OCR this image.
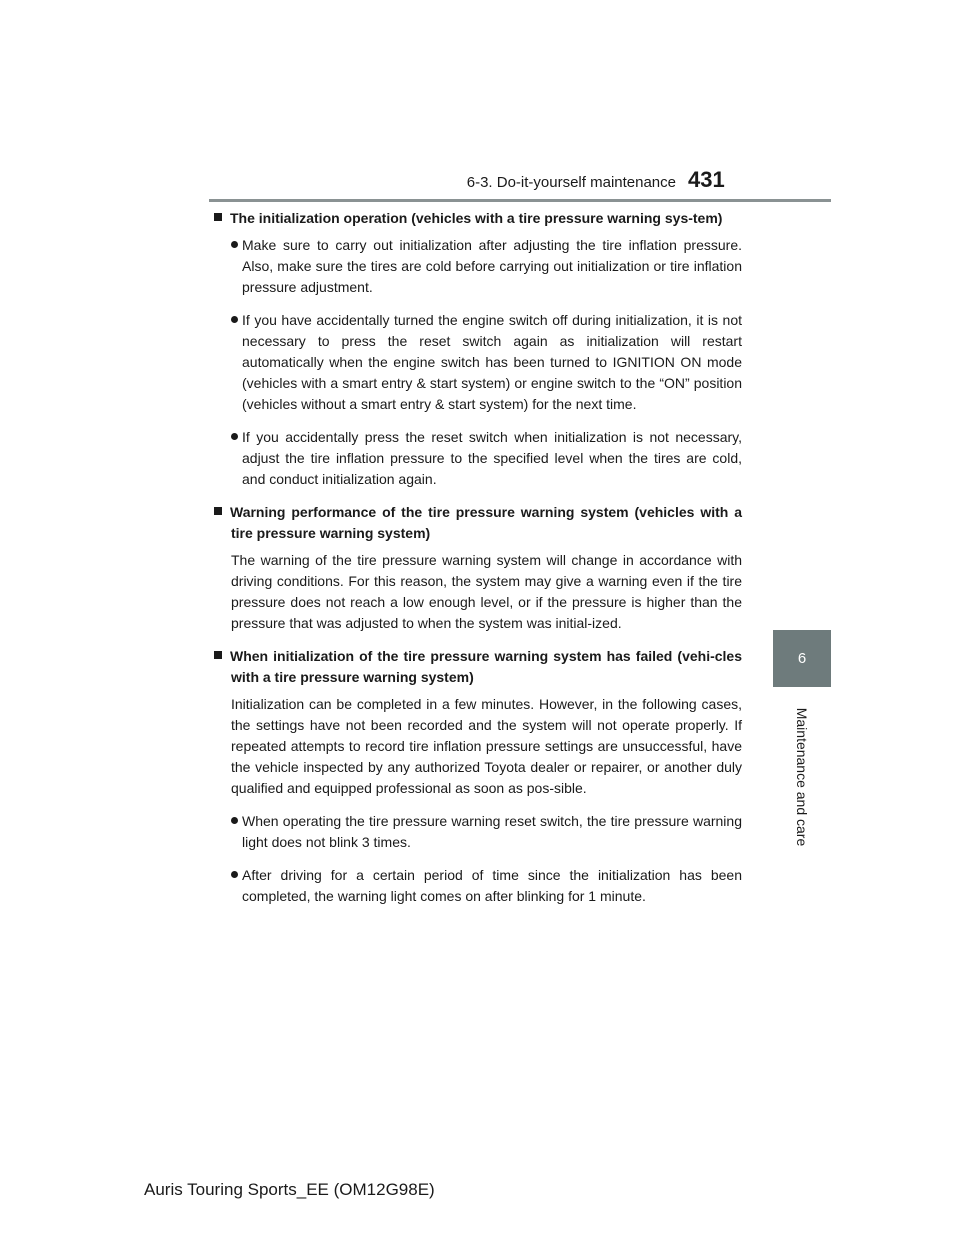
6-3. Do-it-yourself maintenance 431
6
Maintenance and care
The initialization operation (vehicles with a tire pressure warning sys-tem)
Make sure to carry out initialization after adjusting the tire inflation pressure. Also, make sure the tires are cold before carrying out initialization or tire inflation pressure adjustment.
If you have accidentally turned the engine switch off during initialization, it is not necessary to press the reset switch again as initialization will restart automatically when the engine switch has been turned to IGNITION ON mode (vehicles with a smart entry & start system) or engine switch to the “ON” position (vehicles without a smart entry & start system) for the next time.
If you accidentally press the reset switch when initialization is not necessary, adjust the tire inflation pressure to the specified level when the tires are cold, and conduct initialization again.
Warning performance of the tire pressure warning system (vehicles with a tire pressure warning system)
The warning of the tire pressure warning system will change in accordance with driving conditions. For this reason, the system may give a warning even if the tire pressure does not reach a low enough level, or if the pressure is higher than the pressure that was adjusted to when the system was initial-ized.
When initialization of the tire pressure warning system has failed (vehi-cles with a tire pressure warning system)
Initialization can be completed in a few minutes. However, in the following cases, the settings have not been recorded and the system will not operate properly. If repeated attempts to record tire inflation pressure settings are unsuccessful, have the vehicle inspected by any authorized Toyota dealer or repairer, or another duly qualified and equipped professional as soon as pos-sible.
When operating the tire pressure warning reset switch, the tire pressure warning light does not blink 3 times.
After driving for a certain period of time since the initialization has been completed, the warning light comes on after blinking for 1 minute.
Auris Touring Sports_EE (OM12G98E)
